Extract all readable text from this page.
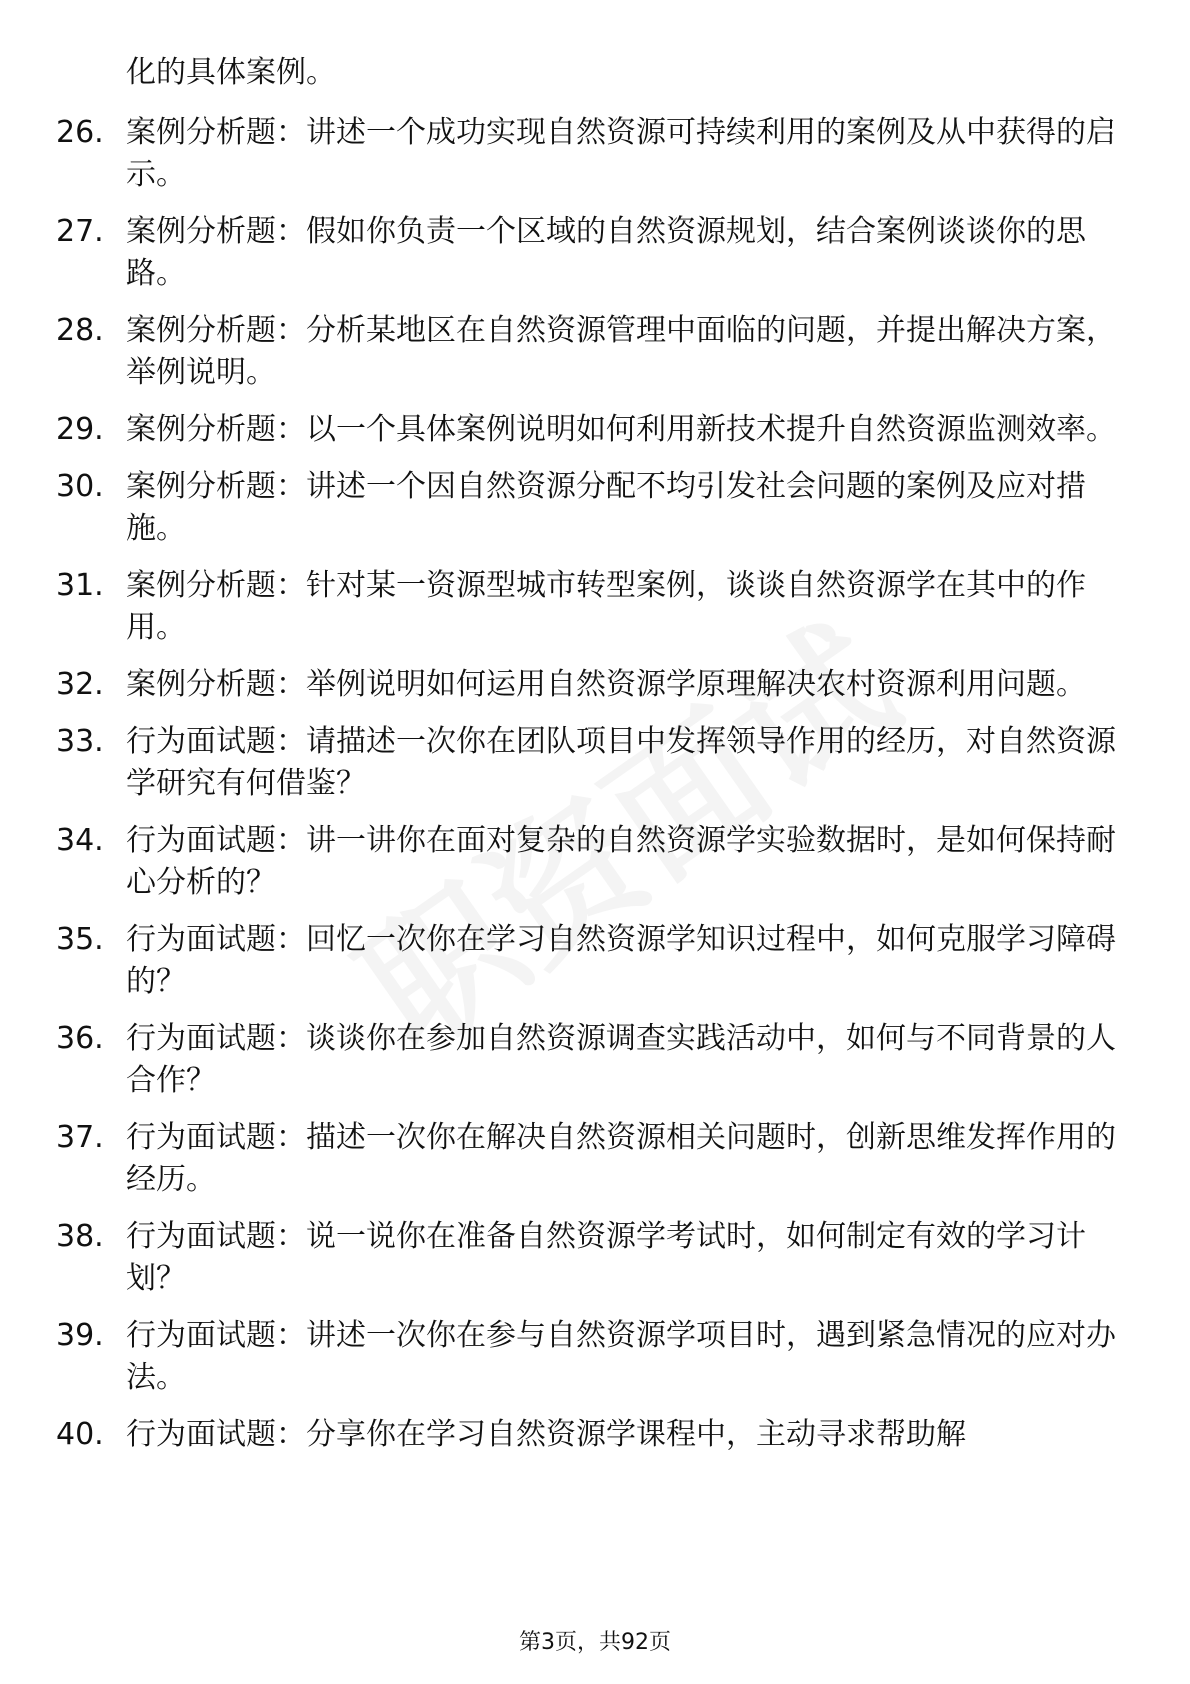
化的具体案例。
26. 案例分析题：讲述一个成功实现自然资源可持续利用的案例及从中获得的启示。
27. 案例分析题：假如你负责一个区域的自然资源规划，结合案例谈谈你的思路。
28. 案例分析题：分析某地区在自然资源管理中面临的问题，并提出解决方案，举例说明。
29. 案例分析题：以一个具体案例说明如何利用新技术提升自然资源监测效率。
30. 案例分析题：讲述一个因自然资源分配不均引发社会问题的案例及应对措施。
31. 案例分析题：针对某一资源型城市转型案例，谈谈自然资源学在其中的作用。
32. 案例分析题：举例说明如何运用自然资源学原理解决农村资源利用问题。
33. 行为面试题：请描述一次你在团队项目中发挥领导作用的经历，对自然资源学研究有何借鉴？
34. 行为面试题：讲一讲你在面对复杂的自然资源学实验数据时，是如何保持耐心分析的？
35. 行为面试题：回忆一次你在学习自然资源学知识过程中，如何克服学习障碍的？
36. 行为面试题：谈谈你在参加自然资源调查实践活动中，如何与不同背景的人合作？
37. 行为面试题：描述一次你在解决自然资源相关问题时，创新思维发挥作用的经历。
38. 行为面试题：说一说你在准备自然资源学考试时，如何制定有效的学习计划？
39. 行为面试题：讲述一次你在参与自然资源学项目时，遇到紧急情况的应对办法。
40. 行为面试题：分享你在学习自然资源学课程中，主动寻求帮助解
第3页，共92页
